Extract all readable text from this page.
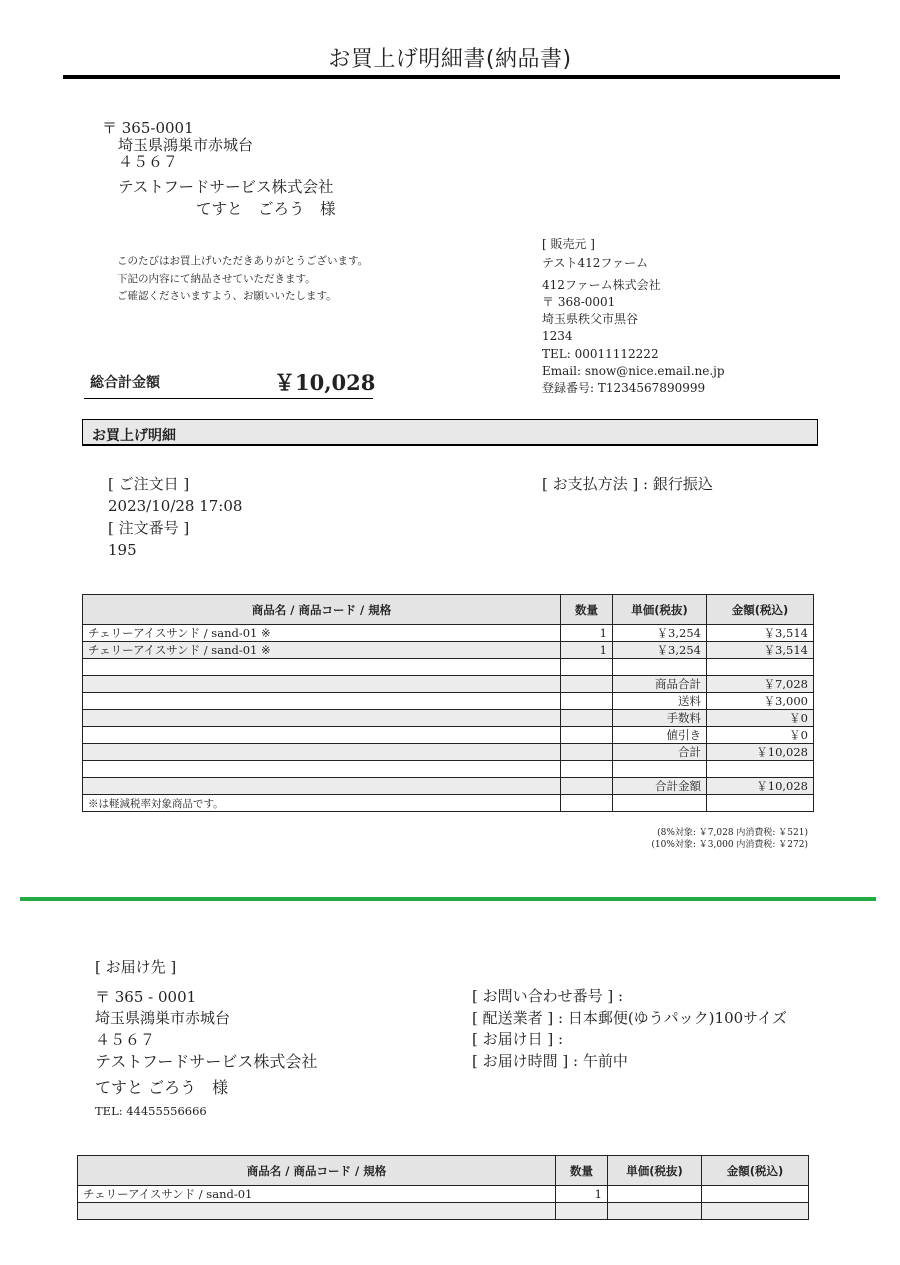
お買上げ明細書(納品書)
〒 365-0001
埼玉県鴻巣市赤城台
４５６７
テストフードサービス株式会社
てすと　ごろう　様
このたびはお買上げいただきありがとうございます。
下記の内容にて納品させていただきます。
ご確認くださいますよう、お願いいたします。
[ 販売元 ]
テスト412ファーム
412ファーム株式会社
〒 368-0001
埼玉県秩父市黒谷
1234
TEL: 00011112222
Email: snow@nice.email.ne.jp
登録番号: T1234567890999
総合計金額	￥10,028
お買上げ明細
[ ご注文日 ]
2023/10/28 17:08
[ 注文番号 ]
195
[ お支払方法 ] : 銀行振込
商品名 / 商品コード / 規格	数量	単価(税抜)	金額(税込)
チェリーアイスサンド / sand-01 ※	1	￥3,254	￥3,514
チェリーアイスサンド / sand-01 ※	1	￥3,254	￥3,514

		商品合計	￥7,028
		送料	￥3,000
		手数料	￥0
		値引き	￥0
		合計	￥10,028

		合計金額	￥10,028
※は軽減税率対象商品です。			
(8%対象: ￥7,028 内消費税: ￥521)
(10%対象: ￥3,000 内消費税: ￥272)
[ お届け先 ]
〒 365 - 0001
埼玉県鴻巣市赤城台
４５６７
テストフードサービス株式会社
てすと ごろう　様
TEL: 44455556666
[ お問い合わせ番号 ] :
[ 配送業者 ] : 日本郵便(ゆうパック)100サイズ
[ お届け日 ] :
[ お届け時間 ] : 午前中
商品名 / 商品コード / 規格	数量	単価(税抜)	金額(税込)
チェリーアイスサンド / sand-01	1		
